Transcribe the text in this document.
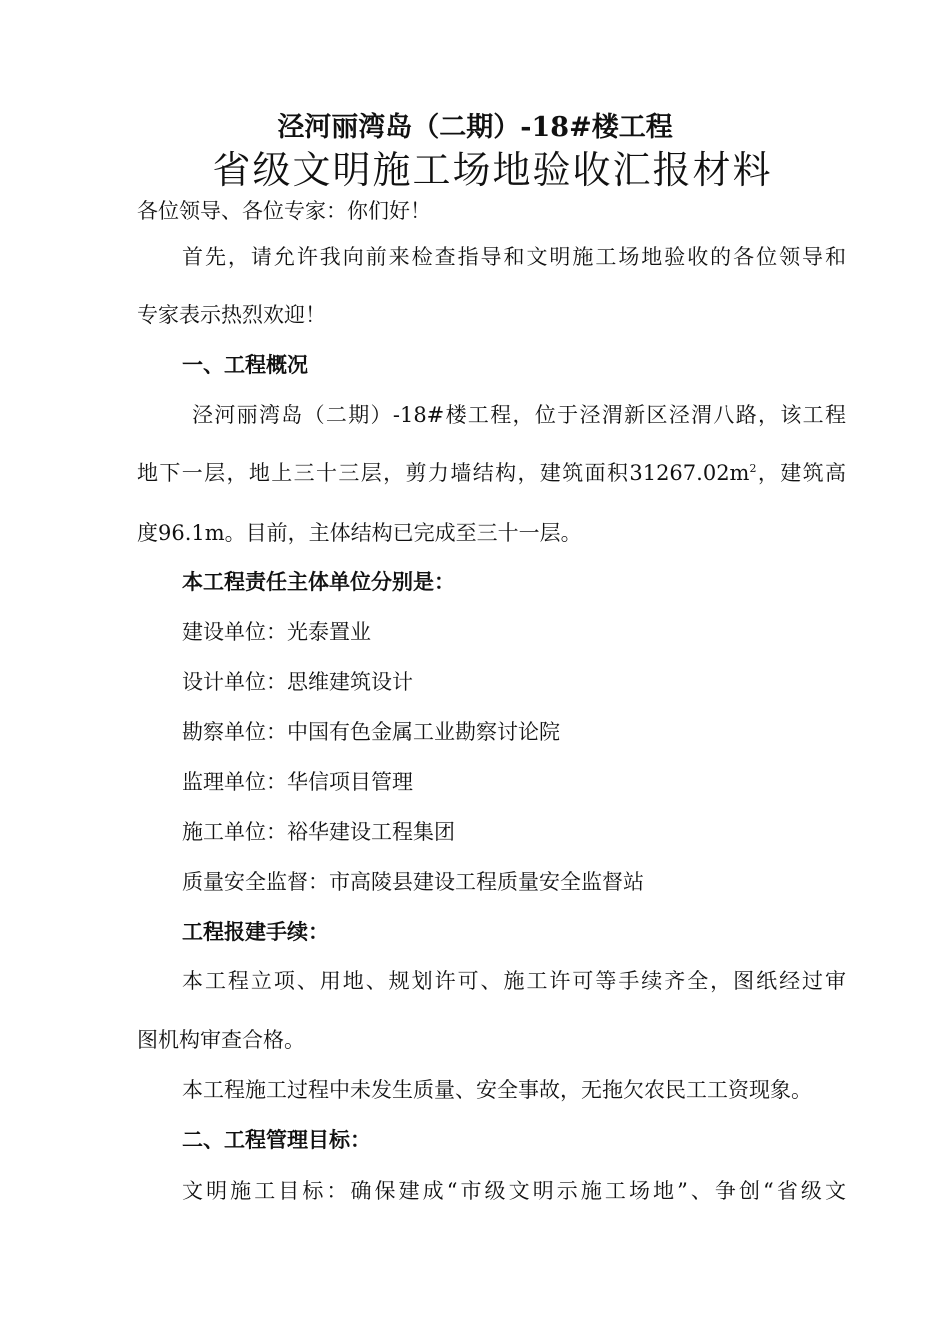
泾河丽湾岛（二期）-18#楼工程
省级文明施工场地验收汇报材料
各位领导、各位专家：你们好！
首先，请允许我向前来检查指导和文明施工场地验收的各位领导和
专家表示热烈欢迎！
一、工程概况
泾河丽湾岛（二期）-18#楼工程，位于泾渭新区泾渭八路，该工程
地下一层，地上三十三层，剪力墙结构，建筑面积$31267.02m^2$，建筑高
度96.1m。目前，主体结构已完成至三十一层。
本工程责任主体单位分别是：
建设单位：光泰置业
设计单位：思维建筑设计
勘察单位：中国有色金属工业勘察讨论院
监理单位：华信项目管理
施工单位：裕华建设工程集团
质量安全监督：市高陵县建设工程质量安全监督站
工程报建手续：
本工程立项、用地、规划许可、施工许可等手续齐全，图纸经过审
图机构审查合格。
本工程施工过程中未发生质量、安全事故，无拖欠农民工工资现象。
二、工程管理目标：
文明施工目标：确保建成“市级文明示施工场地”、争创“省级文
